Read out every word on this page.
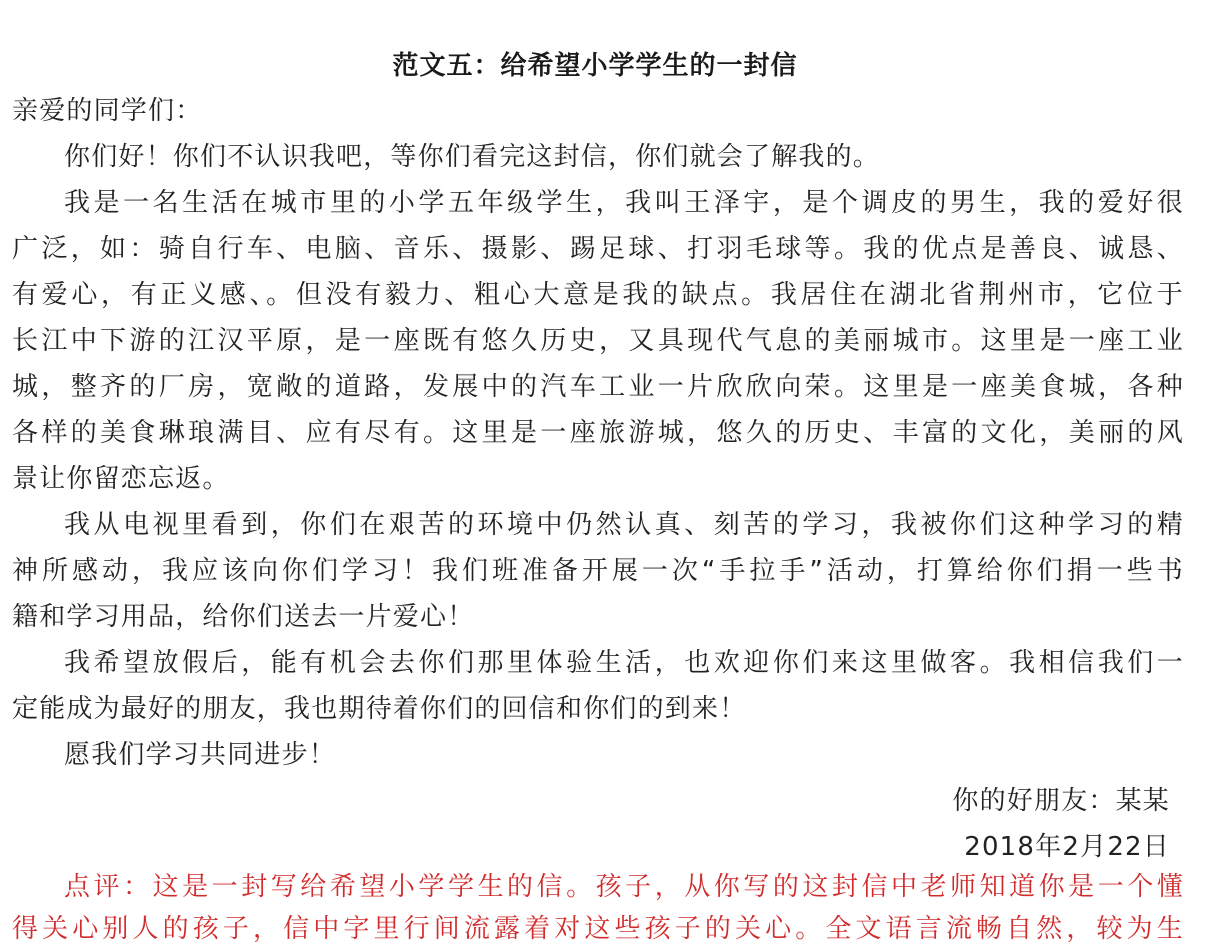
范文五：给希望小学学生的一封信
亲爱的同学们：
你们好！你们不认识我吧，等你们看完这封信，你们就会了解我的。
我是一名生活在城市里的小学五年级学生，我叫王泽宇，是个调皮的男生，我的爱好很
广泛，如：骑自行车、电脑、音乐、摄影、踢足球、打羽毛球等。我的优点是善良、诚恳、
有爱心，有正义感、。但没有毅力、粗心大意是我的缺点。我居住在湖北省荆州市，它位于
长江中下游的江汉平原，是一座既有悠久历史，又具现代气息的美丽城市。这里是一座工业
城，整齐的厂房，宽敞的道路，发展中的汽车工业一片欣欣向荣。这里是一座美食城，各种
各样的美食琳琅满目、应有尽有。这里是一座旅游城，悠久的历史、丰富的文化，美丽的风
景让你留恋忘返。
我从电视里看到，你们在艰苦的环境中仍然认真、刻苦的学习，我被你们这种学习的精
神所感动，我应该向你们学习！我们班准备开展一次“手拉手”活动，打算给你们捐一些书
籍和学习用品，给你们送去一片爱心！
我希望放假后，能有机会去你们那里体验生活，也欢迎你们来这里做客。我相信我们一
定能成为最好的朋友，我也期待着你们的回信和你们的到来！
愿我们学习共同进步！
你的好朋友：某某
2018年2月22日
点评：这是一封写给希望小学学生的信。孩子，从你写的这封信中老师知道你是一个懂
得关心别人的孩子，信中字里行间流露着对这些孩子的关心。全文语言流畅自然，较为生
